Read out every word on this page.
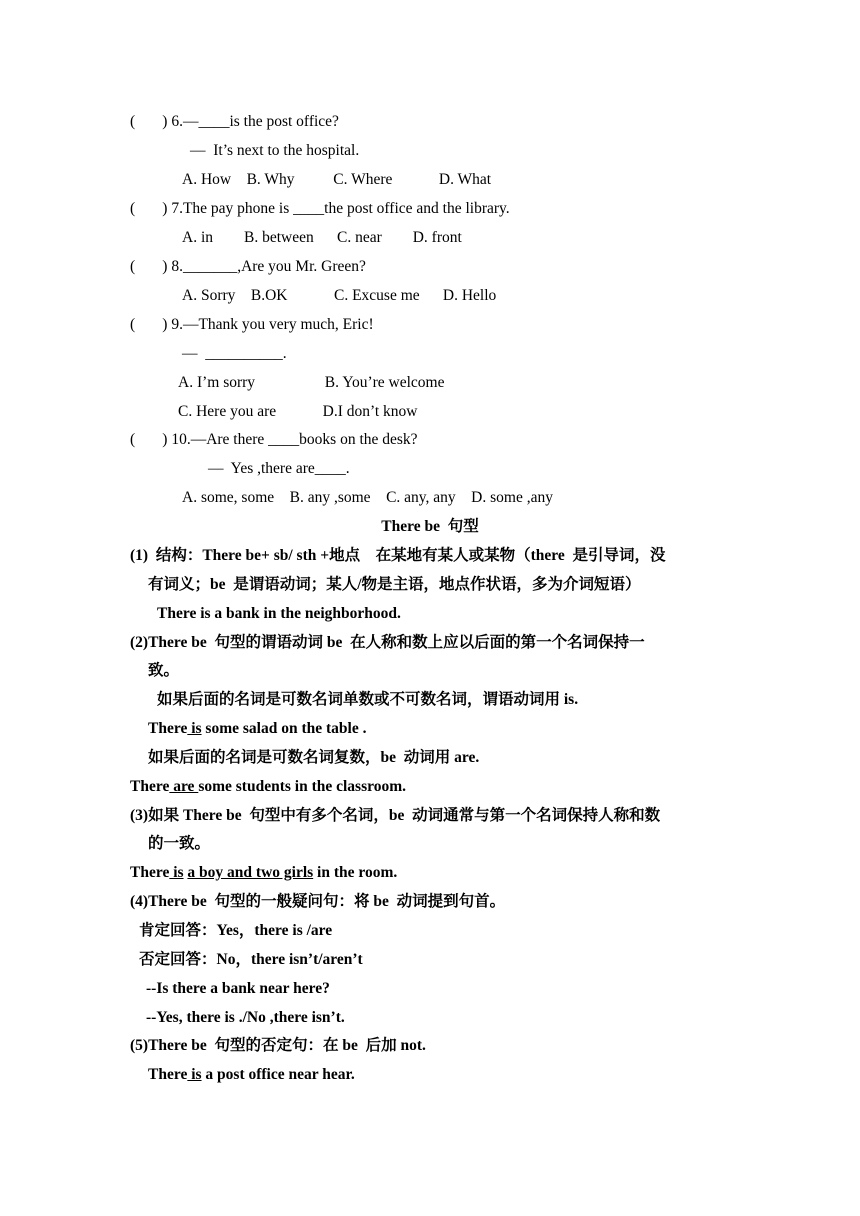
(       ) 6.—____is the post office?
—  It’s next to the hospital.
A. How    B. Why          C. Where            D. What
(       ) 7.The pay phone is ____the post office and the library.
A. in        B. between      C. near        D. front
(       ) 8._______,Are you Mr. Green?
A. Sorry    B.OK            C. Excuse me      D. Hello
(       ) 9.—Thank you very much, Eric!
—  __________.
A. I’m sorry                  B. You’re welcome
C. Here you are            D.I don’t know
(       ) 10.—Are there ____books on the desk?
—  Yes ,there are____.
A. some, some    B. any ,some    C. any, any    D. some ,any
There be  句型
(1)  结构：There be+ sb/ sth +地点    在某地有某人或某物（there  是引导词，没
有词义；be  是谓语动词；某人/物是主语，地点作状语，多为介词短语）
There is a bank in the neighborhood.
(2)There be  句型的谓语动词 be  在人称和数上应以后面的第一个名词保持一
致。
如果后面的名词是可数名词单数或不可数名词，谓语动词用 is.
There is some salad on the table .
如果后面的名词是可数名词复数，be  动词用 are.
There are some students in the classroom.
(3)如果 There be  句型中有多个名词，be  动词通常与第一个名词保持人称和数
的一致。
There is a boy and two girls in the room.
(4)There be  句型的一般疑问句：将 be  动词提到句首。
肯定回答：Yes，there is /are
否定回答：No，there isn’t/aren’t
--Is there a bank near here?
--Yes, there is ./No ,there isn’t.
(5)There be  句型的否定句：在 be  后加 not.
There is a post office near hear.
